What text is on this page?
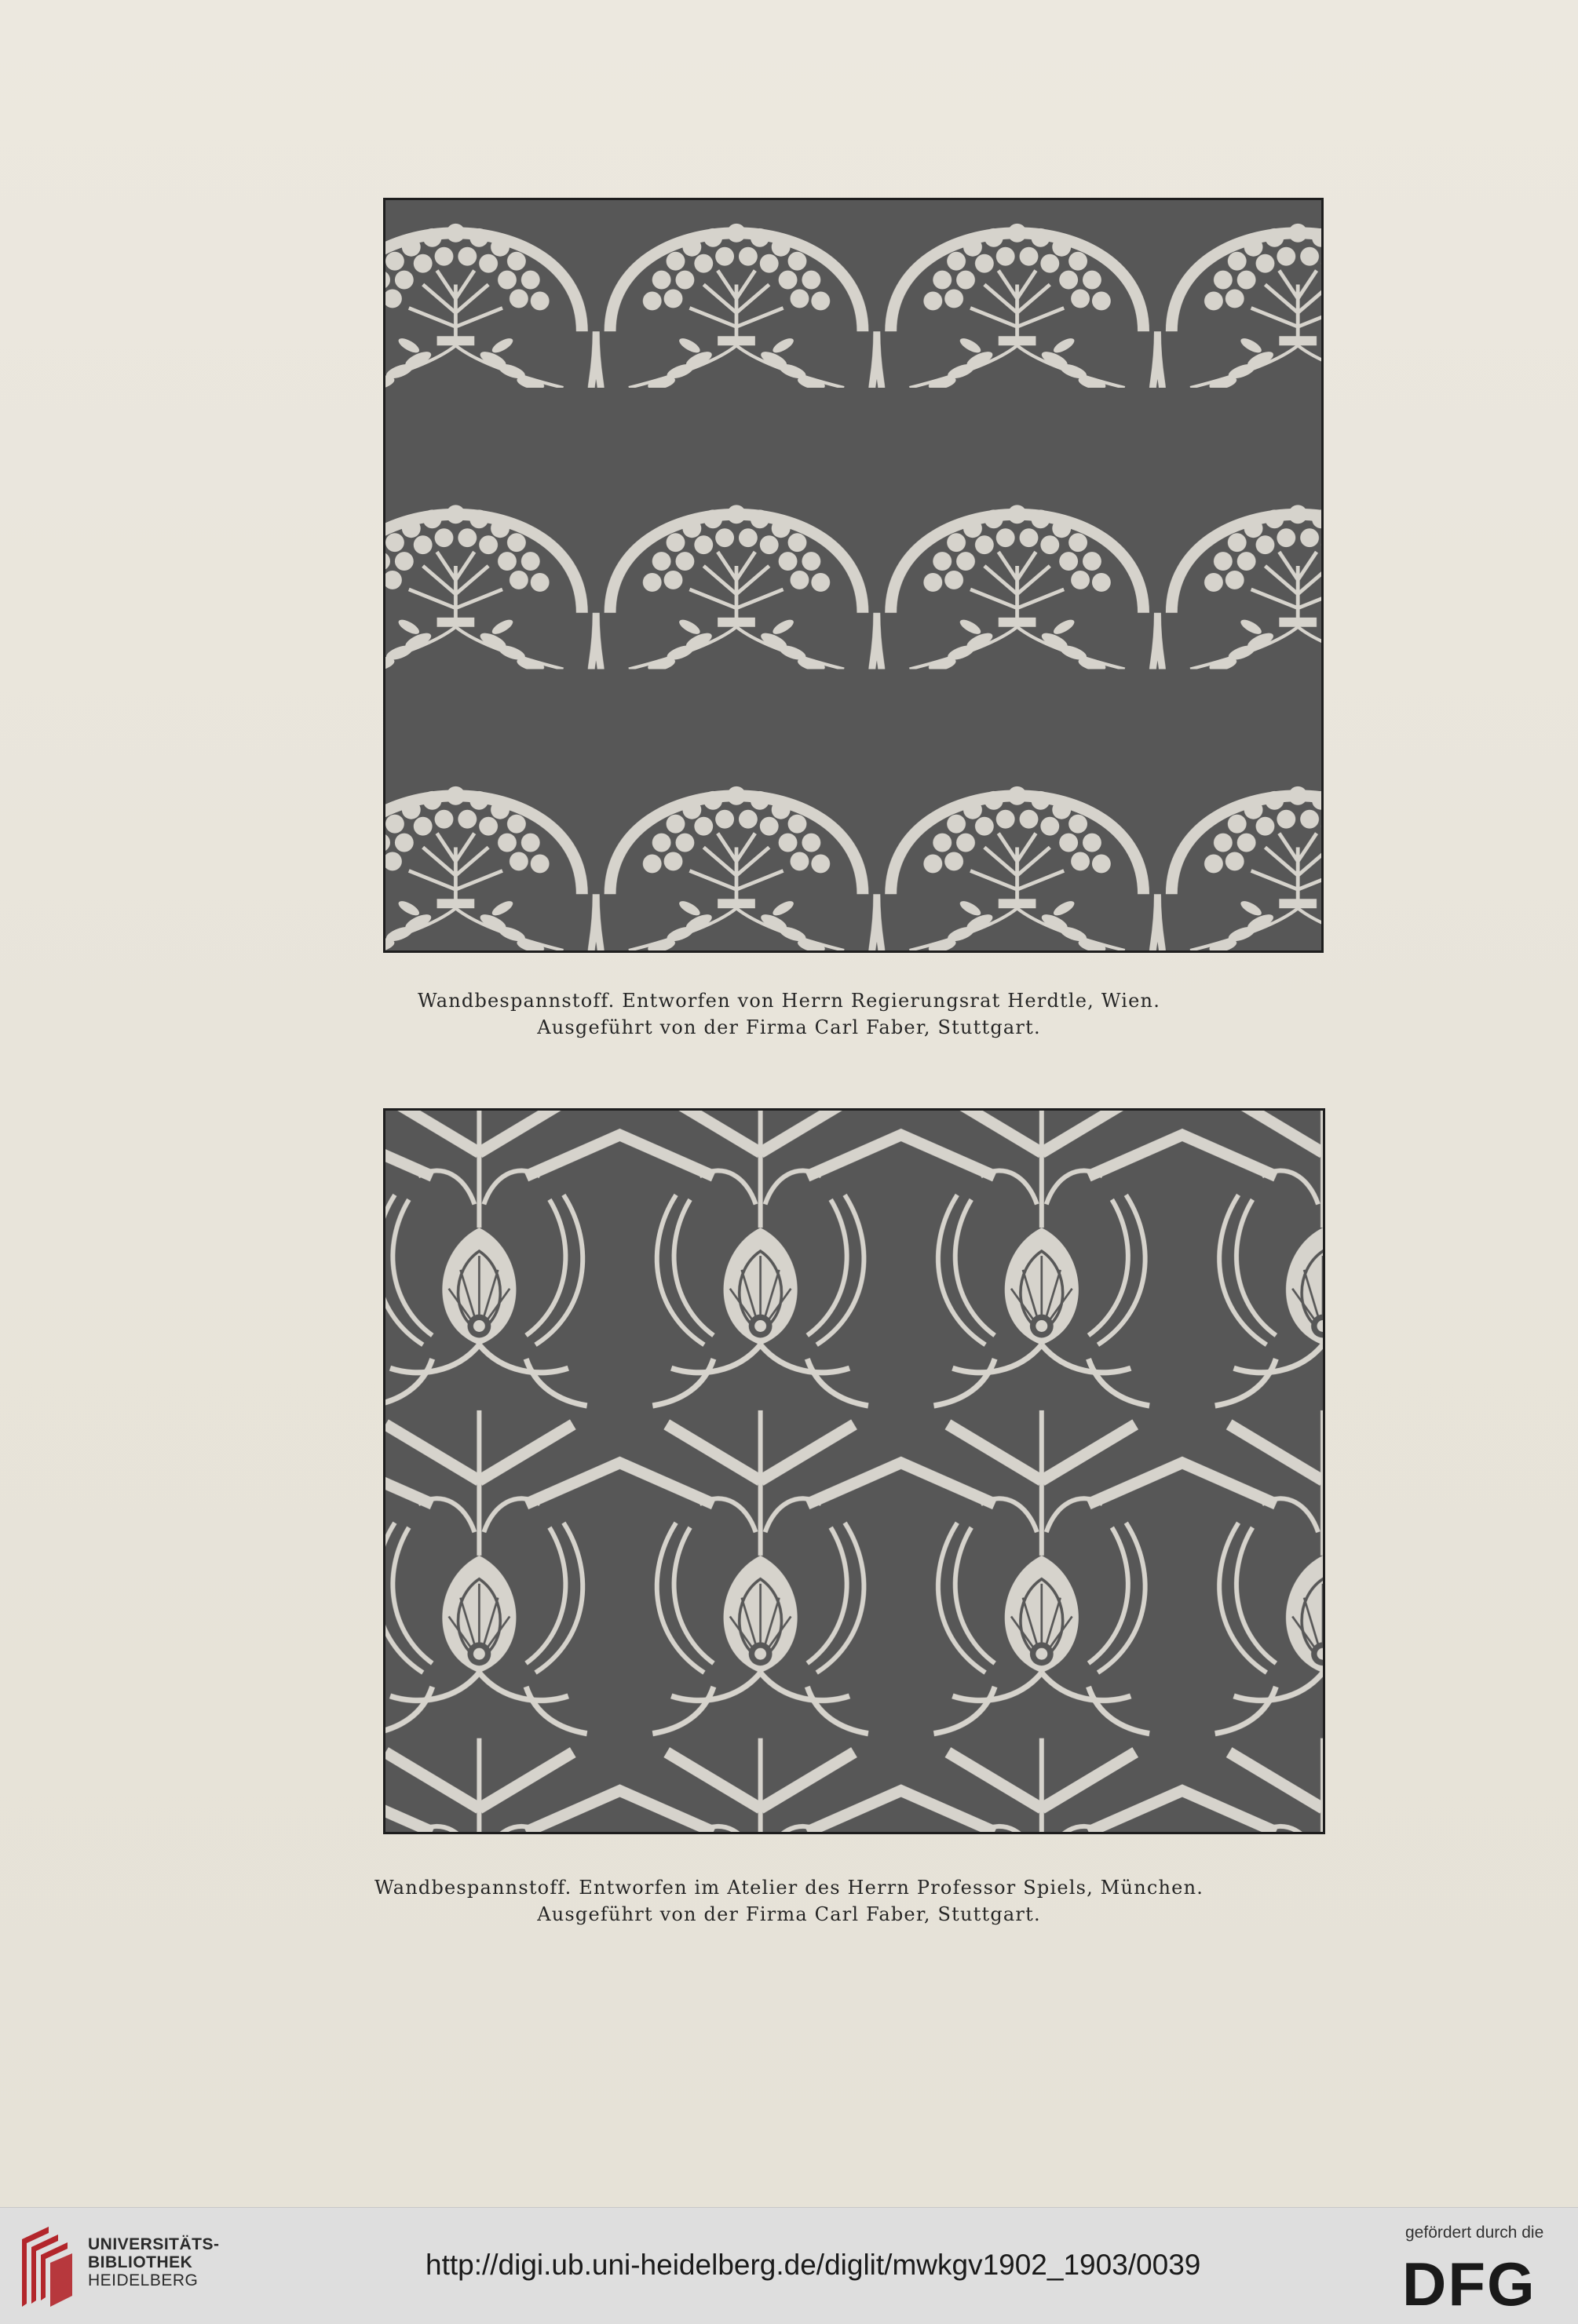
Wandbespannstoff. Entworfen von Herrn Regierungsrat Herdtle, Wien.
Ausgeführt von der Firma Carl Faber, Stuttgart.
Wandbespannstoff. Entworfen im Atelier des Herrn Professor Spiels, München.
Ausgeführt von der Firma Carl Faber, Stuttgart.
UNIVERSITÄTS-
BIBLIOTHEK
HEIDELBERG	http://digi.ub.uni-heidelberg.de/diglit/mwkgv1902_1903/0039
gefördert durch die
DFG
